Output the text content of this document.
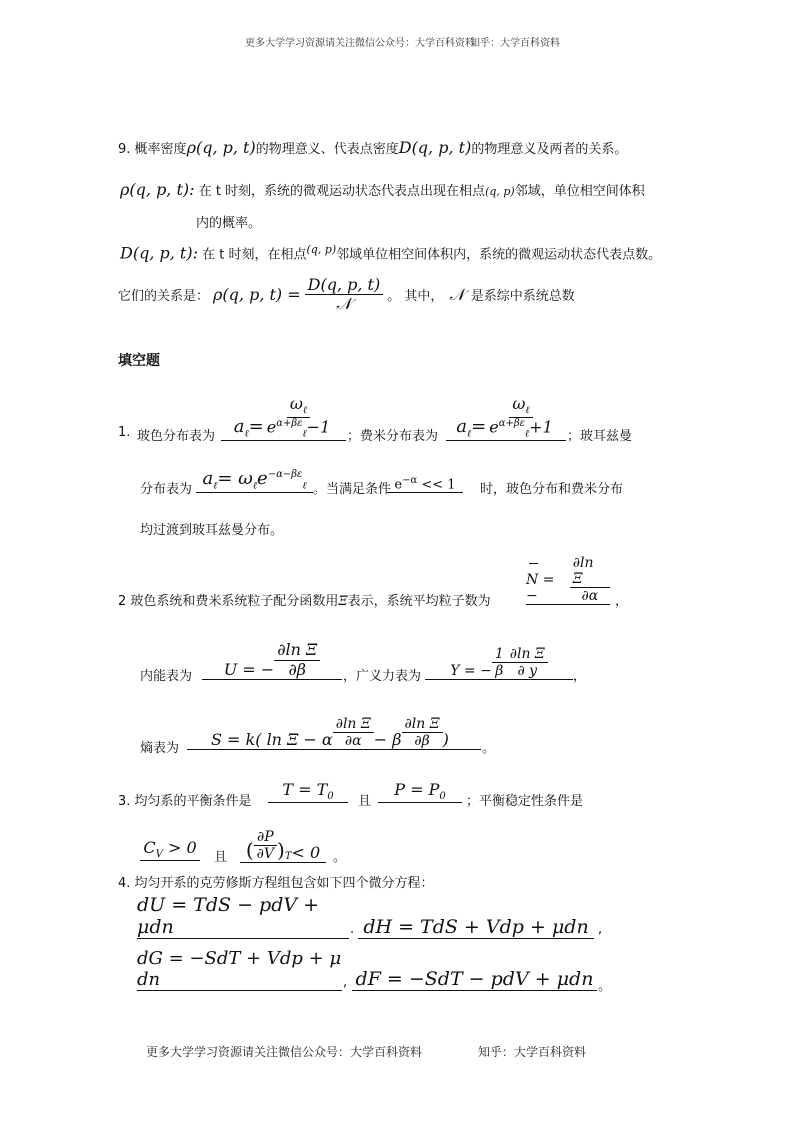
更多大学学习资源请关注微信公众号：大学百科资料
知乎：大学百科资料
9. 概率密度ρ(q, p, t)的物理意义、代表点密度D(q, p, t)的物理意义及两者的关系。
ρ(q, p, t): 在 t 时刻，系统的微观运动状态代表点出现在相点(q, p)邻域，单位相空间体积
内的概率。
D(q, p, t): 在 t 时刻，在相点$^{(q, p)}$邻域单位相空间体积内，系统的微观运动状态代表点数。
它们的关系是： ρ(q, p, $t) = \frac{D(q, p, t)}{\text{𝒩}}$ 。 其中， 𝒩 是系综中系统总数
填空题
1. 玻色分布表为 $a_\ell= \frac{\omega_\ell}{e^{\alpha+\beta\varepsilon}_\ell-1}$ ；费米分布表为 $a_\ell= \frac{\omega_\ell}{e^{\alpha+\beta\varepsilon}_\ell+1}$ ；玻耳兹曼
分布表为
$a_\ell= \omega_\ell e^{-\alpha-\beta\varepsilon}_\ell$ 。当满足条件 $e^{-\alpha} << 1$ 时，玻色分布和费米分布
均过渡到玻耳兹曼分布。
2 玻色系统和费米系统粒子配分函数用Ξ表示，系统平均粒子数为
N = −	$\frac{\text{∂ln Ξ}}{\partial\alpha}$ ，
内能表为 U = − $\frac{\text{∂ln Ξ}}{\partial\beta}$ ，广义力表为 Y = − $\frac{1}{\beta} \frac{\text{∂ln Ξ}}{\partial y}$ ，
熵表为 S = k( ln Ξ − α $\frac{\text{∂ln Ξ}}{\partial\alpha} - \beta \frac{\text{∂ln Ξ}}{\partial\beta}$ )	。
3. 均匀系的平衡条件是
$T = T_0$ 且
$P = P_0$ ；平衡稳定性条件是
$C_V > 0$
且 ( $\frac{\partial P}{\partial V}$ ) T < 0 。
4. 均匀开系的克劳修斯方程组包含如下四个微分方程：
dU = TdS − pdV + μdn	. dH = TdS + Vdp + μdn ,
dG = −SdT + Vdp + μ dn	, dF = −SdT − pdV + μdn 。
更多大学学习资源请关注微信公众号：大学百科资料	知乎：大学百科资料
